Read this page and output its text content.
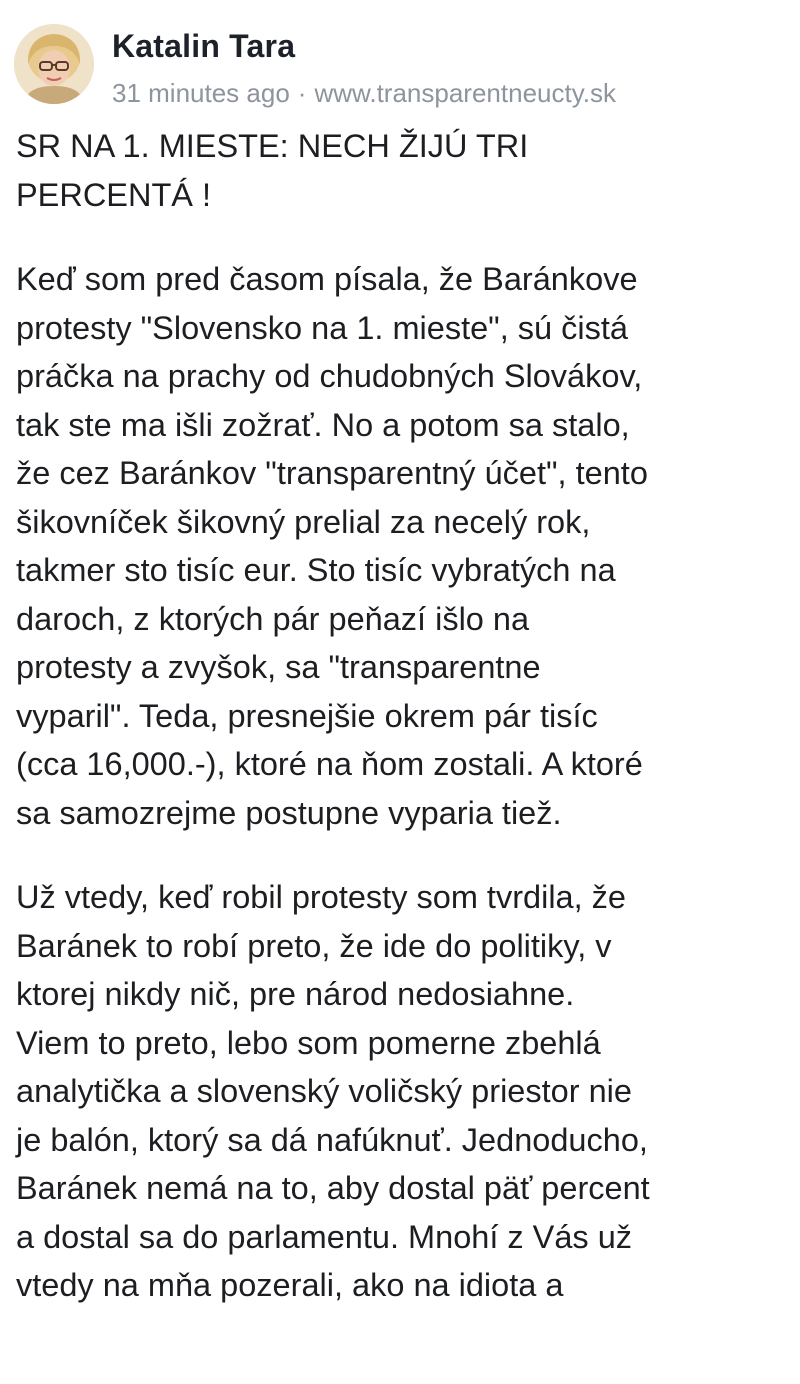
Katalin Tara
31 minutes ago · www.transparentneucty.sk

SR NA 1. MIESTE: NECH ŽIJÚ TRI
PERCENTÁ !

Keď som pred časom písala, že Baránkove
protesty "Slovensko na 1. mieste", sú čistá
práčka na prachy od chudobných Slovákov,
tak ste ma išli zožrať. No a potom sa stalo,
že cez Baránkov "transparentný účet", tento
šikovníček šikovný prelial za necelý rok,
takmer sto tisíc eur. Sto tisíc vybratých na
daroch, z ktorých pár peňazí išlo na
protesty a zvyšok, sa "transparentne
vyparil". Teda, presnejšie okrem pár tisíc
(cca 16,000.-), ktoré na ňom zostali. A ktoré
sa samozrejme postupne vyparia tiež.

Už vtedy, keď robil protesty som tvrdila, že
Baránek to robí preto, že ide do politiky, v
ktorej nikdy nič, pre národ nedosiahne.
Viem to preto, lebo som pomerne zbehlá
analytička a slovenský voličský priestor nie
je balón, ktorý sa dá nafúknuť. Jednoducho,
Baránek nemá na to, aby dostal päť percent
a dostal sa do parlamentu. Mnohí z Vás už
vtedy na mňa pozerali, ako na idiota a
